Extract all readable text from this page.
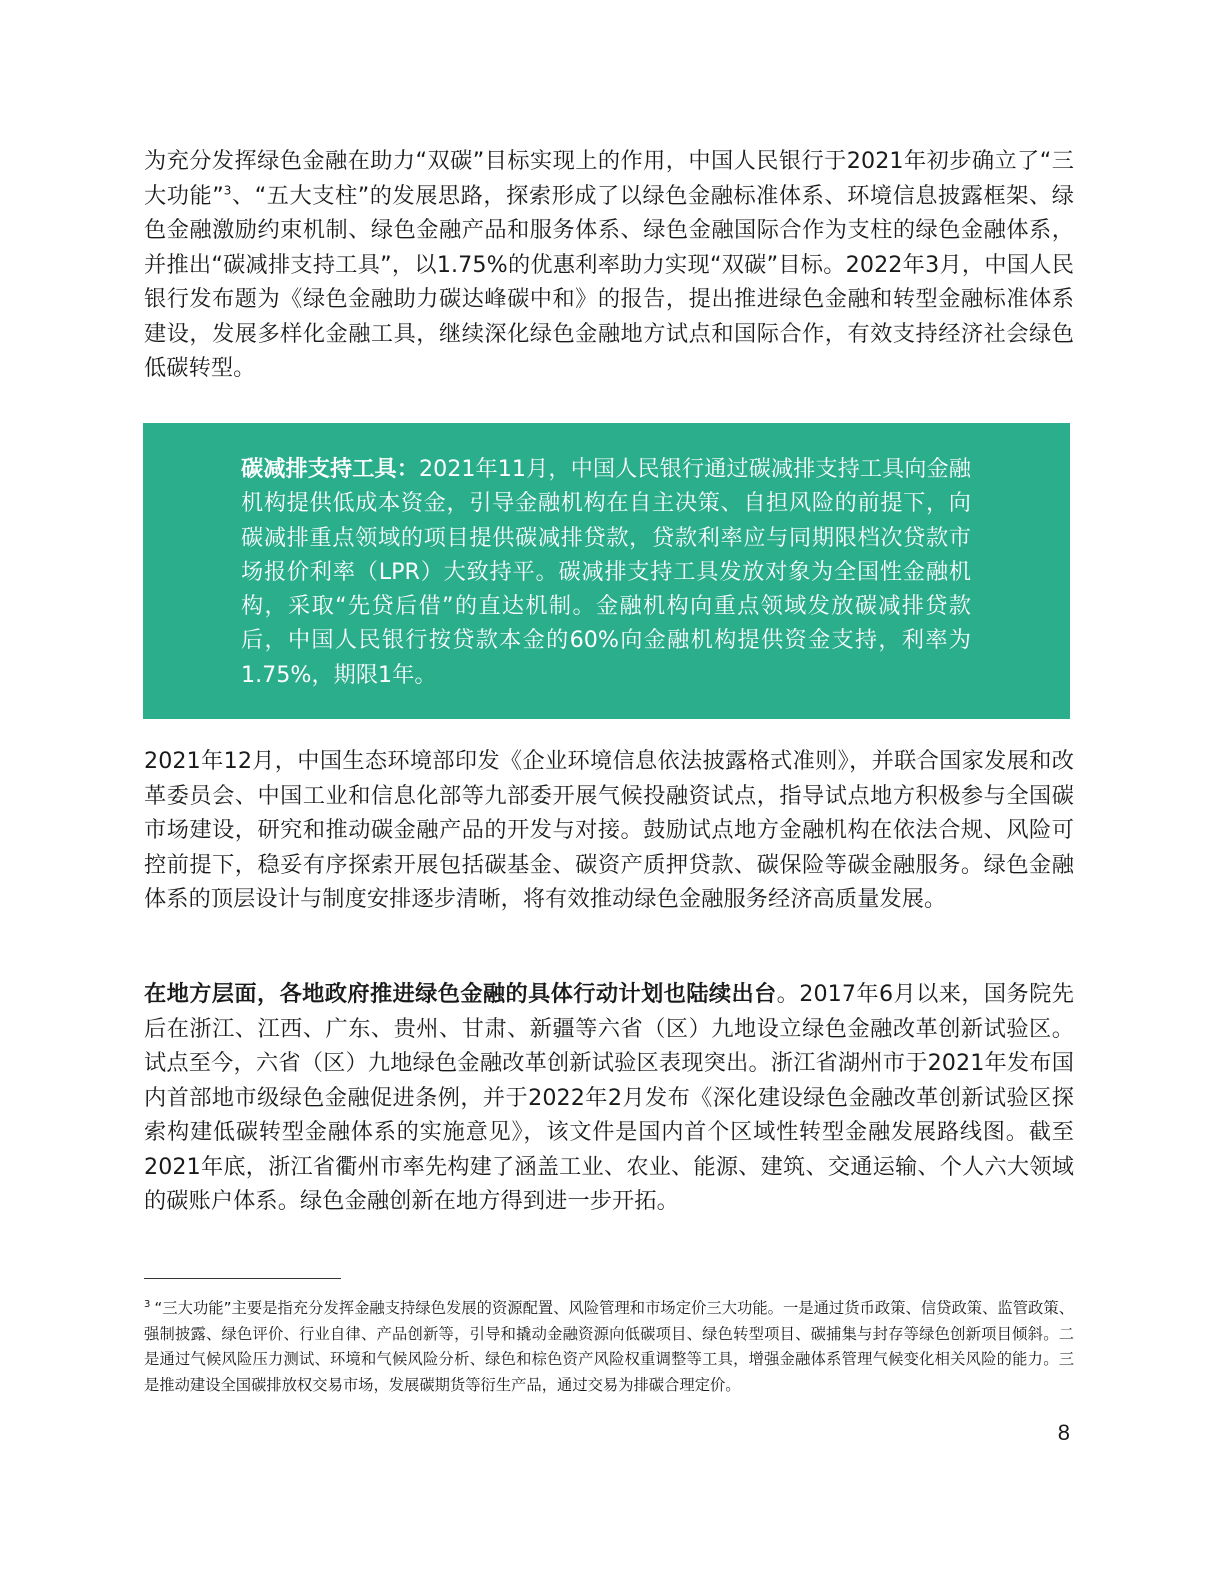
为充分发挥绿色金融在助力“双碳”目标实现上的作用，中国人民银行于2021年初步确立了“三大功能”$^3$、“五大支柱”的发展思路，探索形成了以绿色金融标准体系、环境信息披露框架、绿色金融激励约束机制、绿色金融产品和服务体系、绿色金融国际合作为支柱的绿色金融体系，并推出“碳减排支持工具”，以1.75%的优惠利率助力实现“双碳”目标。2022年3月，中国人民银行发布题为《绿色金融助力碳达峰碳中和》的报告，提出推进绿色金融和转型金融标准体系建设，发展多样化金融工具，继续深化绿色金融地方试点和国际合作，有效支持经济社会绿色低碳转型。

碳减排支持工具：2021年11月，中国人民银行通过碳减排支持工具向金融机构提供低成本资金，引导金融机构在自主决策、自担风险的前提下，向碳减排重点领域的项目提供碳减排贷款，贷款利率应与同期限档次贷款市场报价利率（LPR）大致持平。碳减排支持工具发放对象为全国性金融机构，采取“先贷后借”的直达机制。金融机构向重点领域发放碳减排贷款后，中国人民银行按贷款本金的60%向金融机构提供资金支持，利率为1.75%，期限1年。

2021年12月，中国生态环境部印发《企业环境信息依法披露格式准则》，并联合国家发展和改革委员会、中国工业和信息化部等九部委开展气候投融资试点，指导试点地方积极参与全国碳市场建设，研究和推动碳金融产品的开发与对接。鼓励试点地方金融机构在依法合规、风险可控前提下，稳妥有序探索开展包括碳基金、碳资产质押贷款、碳保险等碳金融服务。绿色金融体系的顶层设计与制度安排逐步清晰，将有效推动绿色金融服务经济高质量发展。

在地方层面，各地政府推进绿色金融的具体行动计划也陆续出台。2017年6月以来，国务院先后在浙江、江西、广东、贵州、甘肃、新疆等六省（区）九地设立绿色金融改革创新试验区。试点至今，六省（区）九地绿色金融改革创新试验区表现突出。浙江省湖州市于2021年发布国内首部地市级绿色金融促进条例，并于2022年2月发布《深化建设绿色金融改革创新试验区探索构建低碳转型金融体系的实施意见》，该文件是国内首个区域性转型金融发展路线图。截至2021年底，浙江省衢州市率先构建了涵盖工业、农业、能源、建筑、交通运输、个人六大领域的碳账户体系。绿色金融创新在地方得到进一步开拓。

$^3$ “三大功能”主要是指充分发挥金融支持绿色发展的资源配置、风险管理和市场定价三大功能。一是通过货币政策、信贷政策、监管政策、强制披露、绿色评价、行业自律、产品创新等，引导和撬动金融资源向低碳项目、绿色转型项目、碳捕集与封存等绿色创新项目倾斜。二是通过气候风险压力测试、环境和气候风险分析、绿色和棕色资产风险权重调整等工具，增强金融体系管理气候变化相关风险的能力。三是推动建设全国碳排放权交易市场，发展碳期货等衍生产品，通过交易为排碳合理定价。

8
